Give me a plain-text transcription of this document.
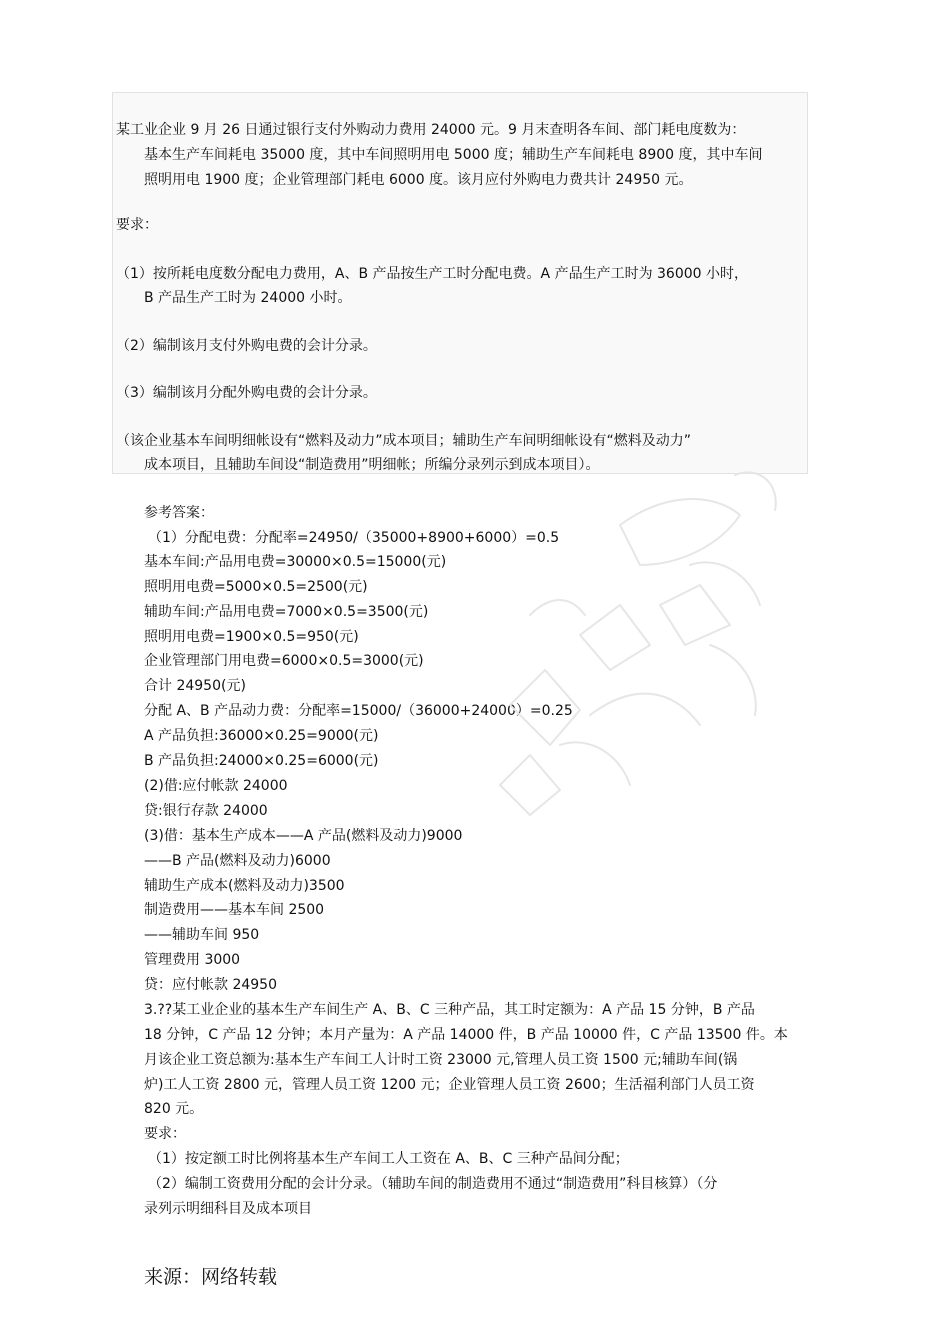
某工业企业 9 月 26 日通过银行支付外购动力费用 24000 元。9 月末查明各车间、部门耗电度数为：
基本生产车间耗电 35000 度，其中车间照明用电 5000 度；辅助生产车间耗电 8900 度，其中车间
照明用电 1900 度；企业管理部门耗电 6000 度。该月应付外购电力费共计 24950 元。
要求：
（1）按所耗电度数分配电力费用，A、B 产品按生产工时分配电费。A 产品生产工时为 36000 小时，
B 产品生产工时为 24000 小时。
（2）编制该月支付外购电费的会计分录。
（3）编制该月分配外购电费的会计分录。
（该企业基本车间明细帐设有“燃料及动力”成本项目；辅助生产车间明细帐设有“燃料及动力”
成本项目，且辅助车间设“制造费用”明细帐；所编分录列示到成本项目）。
参考答案：
（1）分配电费：分配率=24950/（35000+8900+6000）=0.5
基本车间:产品用电费=30000×0.5=15000(元)
照明用电费=5000×0.5=2500(元)
辅助车间:产品用电费=7000×0.5=3500(元)
照明用电费=1900×0.5=950(元)
企业管理部门用电费=6000×0.5=3000(元)
合计 24950(元)
分配 A、B 产品动力费：分配率=15000/（36000+24000）=0.25
A 产品负担:36000×0.25=9000(元)
B 产品负担:24000×0.25=6000(元)
(2)借:应付帐款 24000
贷:银行存款 24000
(3)借：基本生产成本——A 产品(燃料及动力)9000
——B 产品(燃料及动力)6000
辅助生产成本(燃料及动力)3500
制造费用——基本车间 2500
——辅助车间 950
管理费用 3000
贷：应付帐款 24950
3.??某工业企业的基本生产车间生产 A、B、C 三种产品，其工时定额为：A 产品 15 分钟，B 产品
18 分钟，C 产品 12 分钟；本月产量为：A 产品 14000 件，B 产品 10000 件，C 产品 13500 件。本
月该企业工资总额为:基本生产车间工人计时工资 23000 元,管理人员工资 1500 元;辅助车间(锅
炉)工人工资 2800 元，管理人员工资 1200 元；企业管理人员工资 2600；生活福利部门人员工资
820 元。
要求：
（1）按定额工时比例将基本生产车间工人工资在 A、B、C 三种产品间分配；
（2）编制工资费用分配的会计分录。（辅助车间的制造费用不通过“制造费用”科目核算）（分
录列示明细科目及成本项目
来源：网络转载
